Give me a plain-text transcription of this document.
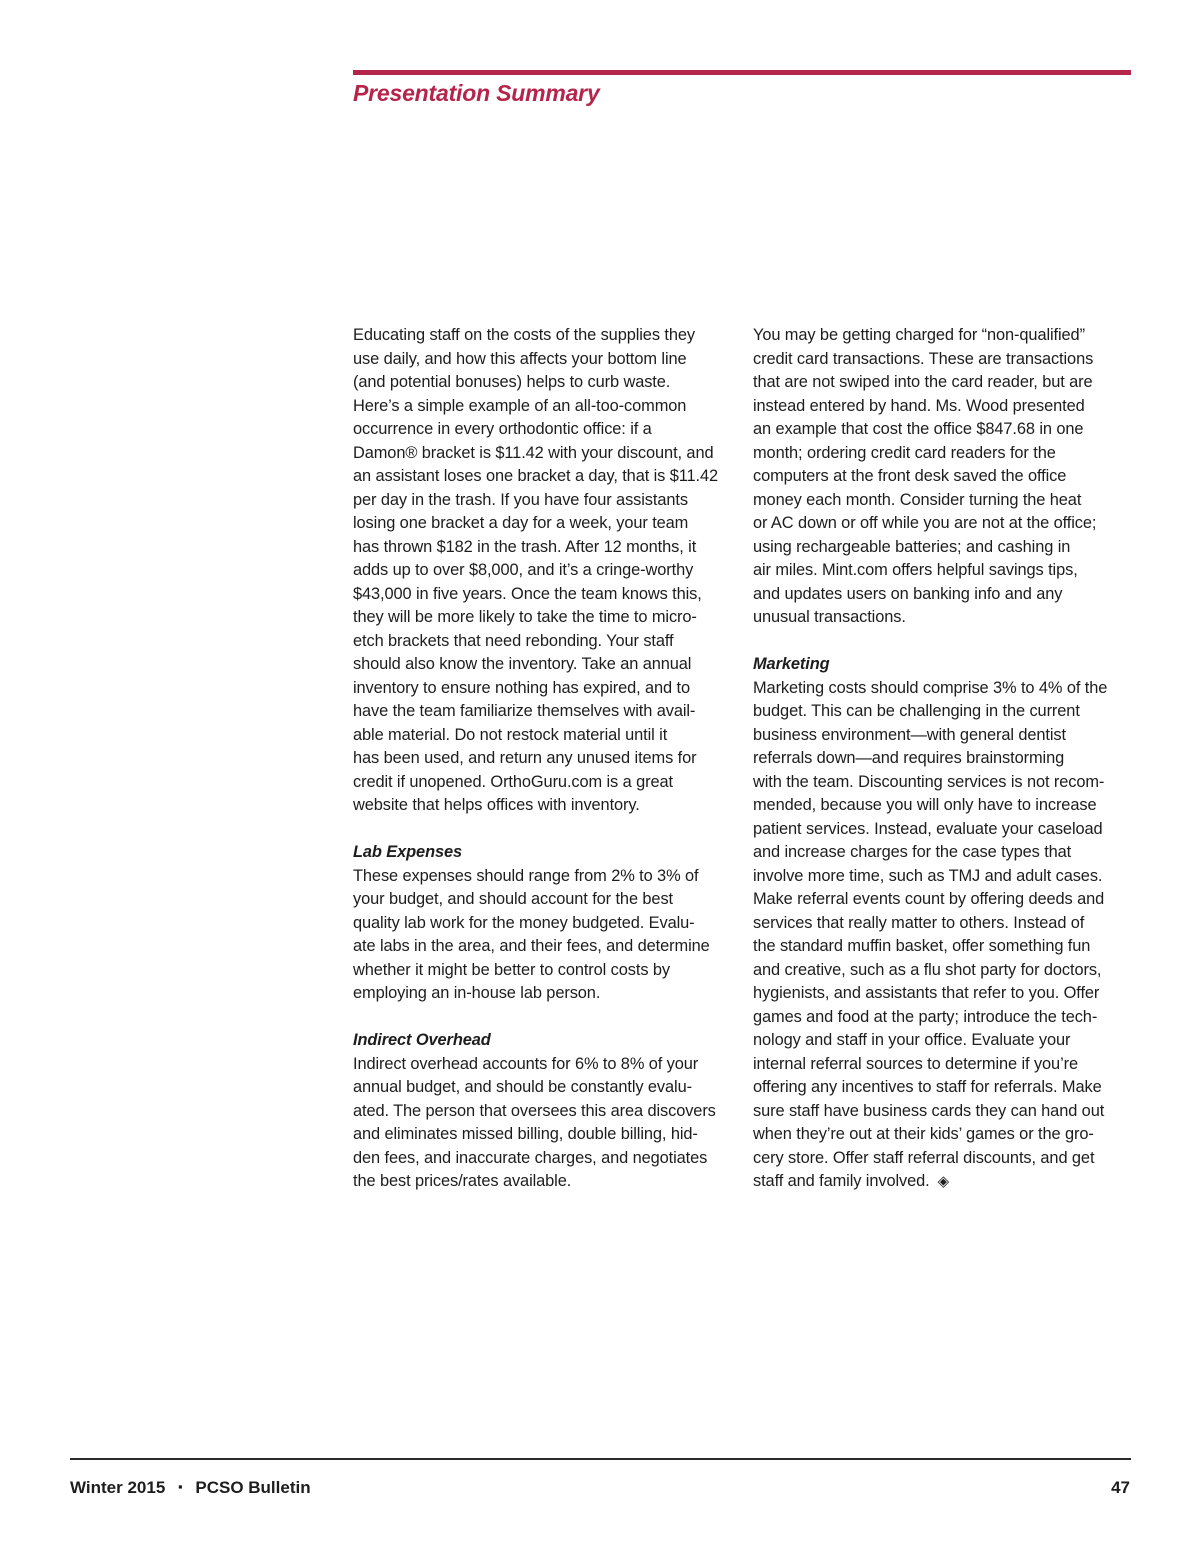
Presentation Summary

Educating staff on the costs of the supplies they
use daily, and how this affects your bottom line
(and potential bonuses) helps to curb waste.
Here’s a simple example of an all-too-common
occurrence in every orthodontic office: if a
Damon® bracket is $11.42 with your discount, and
an assistant loses one bracket a day, that is $11.42
per day in the trash. If you have four assistants
losing one bracket a day for a week, your team
has thrown $182 in the trash. After 12 months, it
adds up to over $8,000, and it’s a cringe-worthy
$43,000 in five years. Once the team knows this,
they will be more likely to take the time to micro-
etch brackets that need rebonding. Your staff
should also know the inventory. Take an annual
inventory to ensure nothing has expired, and to
have the team familiarize themselves with avail-
able material. Do not restock material until it
has been used, and return any unused items for
credit if unopened. OrthoGuru.com is a great
website that helps offices with inventory.

Lab Expenses

These expenses should range from 2% to 3% of
your budget, and should account for the best
quality lab work for the money budgeted. Evalu-
ate labs in the area, and their fees, and determine
whether it might be better to control costs by
employing an in-house lab person.

Indirect Overhead

Indirect overhead accounts for 6% to 8% of your
annual budget, and should be constantly evalu-
ated. The person that oversees this area discovers
and eliminates missed billing, double billing, hid-
den fees, and inaccurate charges, and negotiates
the best prices/rates available.

You may be getting charged for “non-qualified”
credit card transactions. These are transactions
that are not swiped into the card reader, but are
instead entered by hand. Ms. Wood presented
an example that cost the office $847.68 in one
month; ordering credit card readers for the
computers at the front desk saved the office
money each month. Consider turning the heat
or AC down or off while you are not at the office;
using rechargeable batteries; and cashing in
air miles. Mint.com offers helpful savings tips,
and updates users on banking info and any
unusual transactions.

Marketing

Marketing costs should comprise 3% to 4% of the
budget. This can be challenging in the current
business environment—with general dentist
referrals down—and requires brainstorming
with the team. Discounting services is not recom-
mended, because you will only have to increase
patient services. Instead, evaluate your caseload
and increase charges for the case types that
involve more time, such as TMJ and adult cases.
Make referral events count by offering deeds and
services that really matter to others. Instead of
the standard muffin basket, offer something fun
and creative, such as a flu shot party for doctors,
hygienists, and assistants that refer to you. Offer
games and food at the party; introduce the tech-
nology and staff in your office. Evaluate your
internal referral sources to determine if you’re
offering any incentives to staff for referrals. Make
sure staff have business cards they can hand out
when they’re out at their kids’ games or the gro-
cery store. Offer staff referral discounts, and get
staff and family involved. ◈

Winter 2015 ▪ PCSO Bulletin	47
